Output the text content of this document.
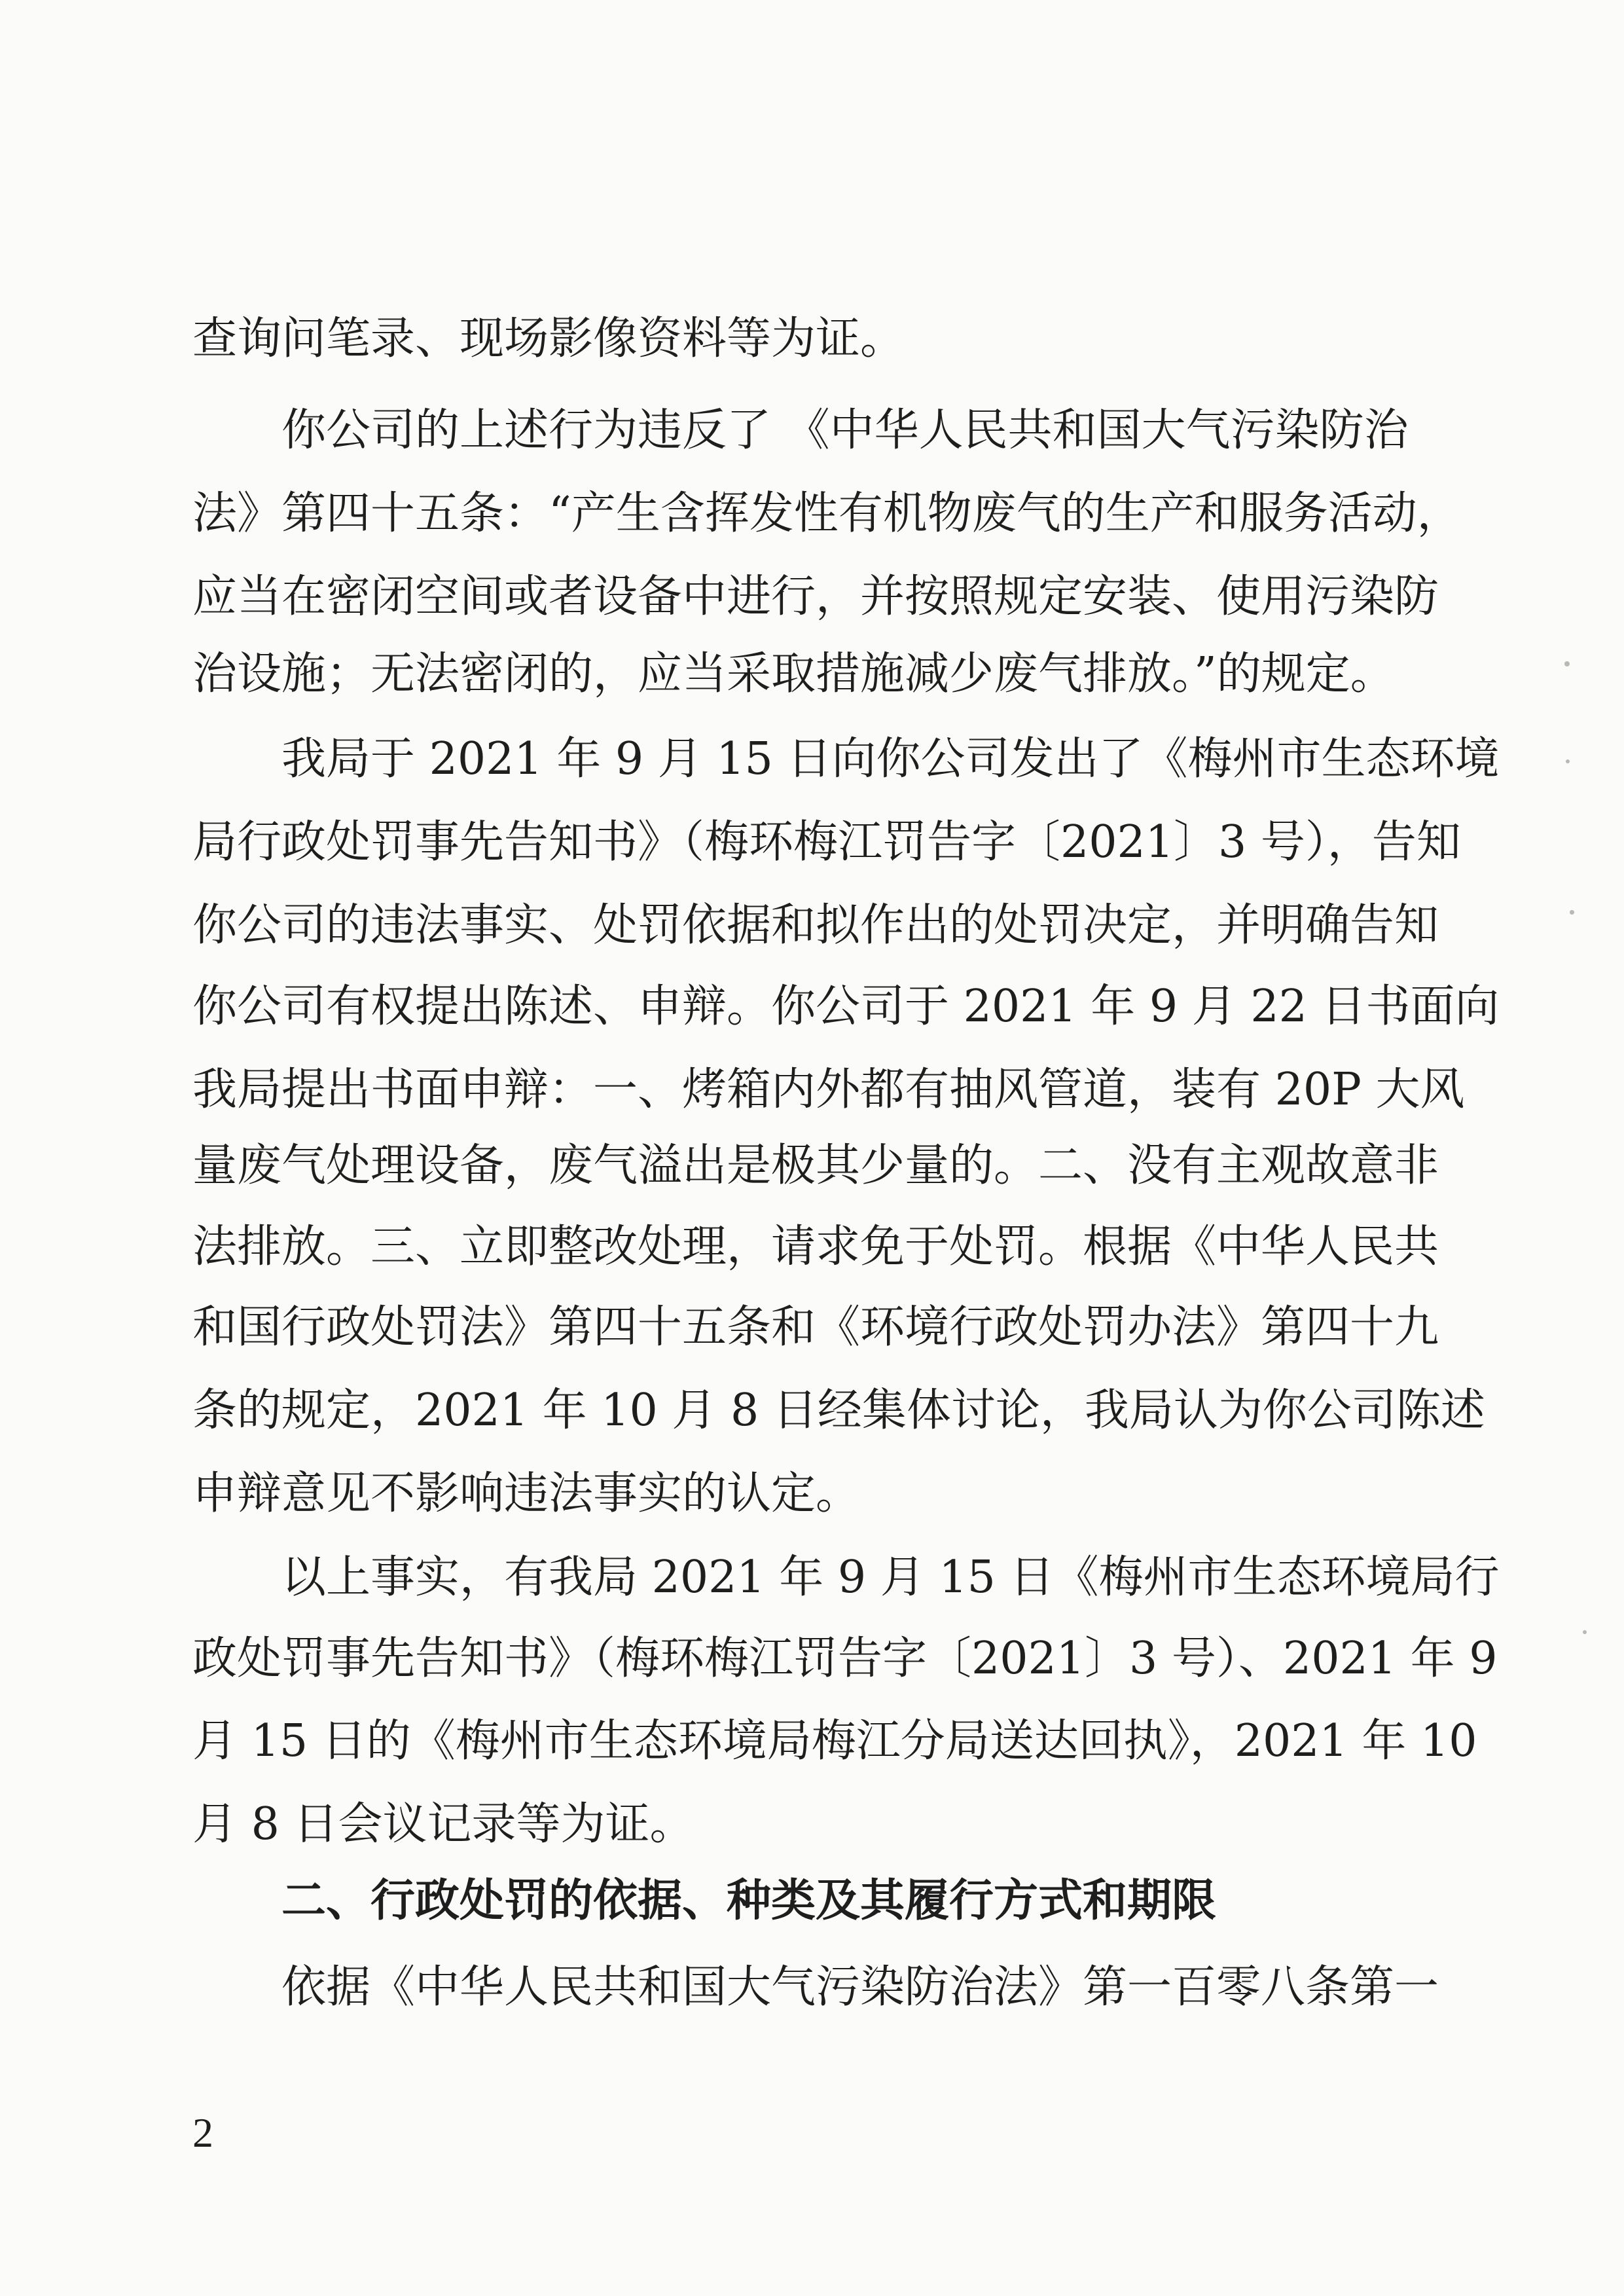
查询问笔录、现场影像资料等为证。
你公司的上述行为违反了 《中华人民共和国大气污染防治
法》第四十五条：“产生含挥发性有机物废气的生产和服务活动，
应当在密闭空间或者设备中进行，并按照规定安装、使用污染防
治设施；无法密闭的，应当采取措施减少废气排放。”的规定。
我局于 2021 年 9 月 15 日向你公司发出了《梅州市生态环境
局行政处罚事先告知书》（梅环梅江罚告字〔2021〕3 号），告知
你公司的违法事实、处罚依据和拟作出的处罚决定，并明确告知
你公司有权提出陈述、申辩。你公司于 2021 年 9 月 22 日书面向
我局提出书面申辩：一、烤箱内外都有抽风管道，装有 20P 大风
量废气处理设备，废气溢出是极其少量的。二、没有主观故意非
法排放。三、立即整改处理，请求免于处罚。根据《中华人民共
和国行政处罚法》第四十五条和《环境行政处罚办法》第四十九
条的规定，2021 年 10 月 8 日经集体讨论，我局认为你公司陈述
申辩意见不影响违法事实的认定。
以上事实，有我局 2021 年 9 月 15 日《梅州市生态环境局行
政处罚事先告知书》（梅环梅江罚告字〔2021〕3 号）、2021 年 9
月 15 日的《梅州市生态环境局梅江分局送达回执》，2021 年 10
月 8 日会议记录等为证。
二、行政处罚的依据、种类及其履行方式和期限
依据《中华人民共和国大气污染防治法》第一百零八条第一
2
